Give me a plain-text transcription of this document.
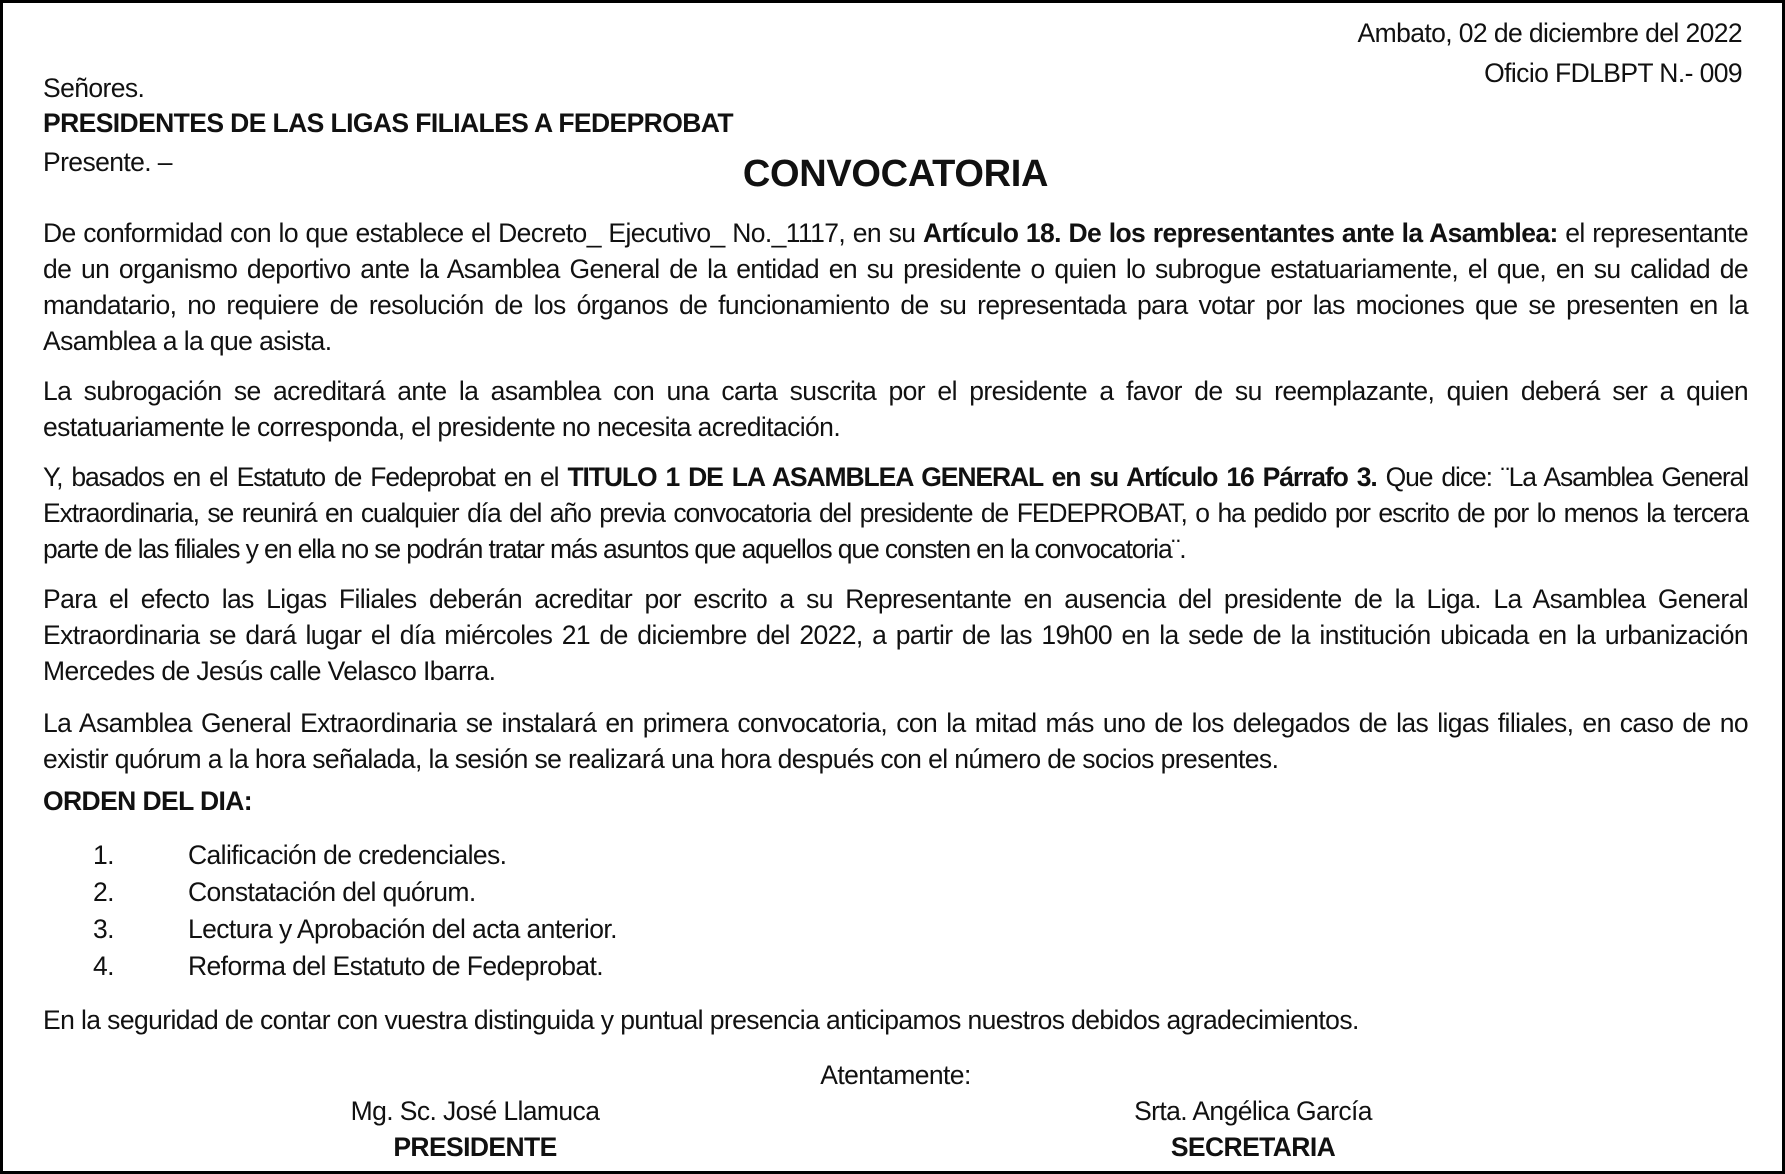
Ambato, 02 de diciembre del 2022
Oficio FDLBPT N.- 009
Señores.
PRESIDENTES DE LAS LIGAS FILIALES A FEDEPROBAT
Presente. –	CONVOCATORIA
De conformidad con lo que establece el Decreto_ Ejecutivo_ No._1117, en su Artículo 18. De los representantes ante la Asamblea: el representante de un organismo deportivo ante la Asamblea General de la entidad en su presidente o quien lo subrogue estatuariamente, el que, en su calidad de mandatario, no requiere de resolución de los órganos de funcionamiento de su representada para votar por las mociones que se presenten en la Asamblea a la que asista.
La subrogación se acreditará ante la asamblea con una carta suscrita por el presidente a favor de su reemplazante, quien deberá ser a quien estatuariamente le corresponda, el presidente no necesita acreditación.
Y, basados en el Estatuto de Fedeprobat en el TITULO 1 DE LA ASAMBLEA GENERAL en su Artículo 16 Párrafo 3. Que dice: ¨La Asamblea General Extraordinaria, se reunirá en cualquier día del año previa convocatoria del presidente de FEDEPROBAT, o ha pedido por escrito de por lo menos la tercera parte de las filiales y en ella no se podrán tratar más asuntos que aquellos que consten en la convocatoria¨.
Para el efecto las Ligas Filiales deberán acreditar por escrito a su Representante en ausencia del presidente de la Liga. La Asamblea General Extraordinaria se dará lugar el día miércoles 21 de diciembre del 2022, a partir de las 19h00 en la sede de la institución ubicada en la urbanización Mercedes de Jesús calle Velasco Ibarra.
La Asamblea General Extraordinaria se instalará en primera convocatoria, con la mitad más uno de los delegados de las ligas filiales, en caso de no existir quórum a la hora señalada, la sesión se realizará una hora después con el número de socios presentes.
ORDEN DEL DIA:
1.	Calificación de credenciales.
2.	Constatación del quórum.
3.	Lectura y Aprobación del acta anterior.
4.	Reforma del Estatuto de Fedeprobat.
En la seguridad de contar con vuestra distinguida y puntual presencia anticipamos nuestros debidos agradecimientos.
Atentamente:
Mg. Sc. José Llamuca
PRESIDENTE
Srta. Angélica García
SECRETARIA
